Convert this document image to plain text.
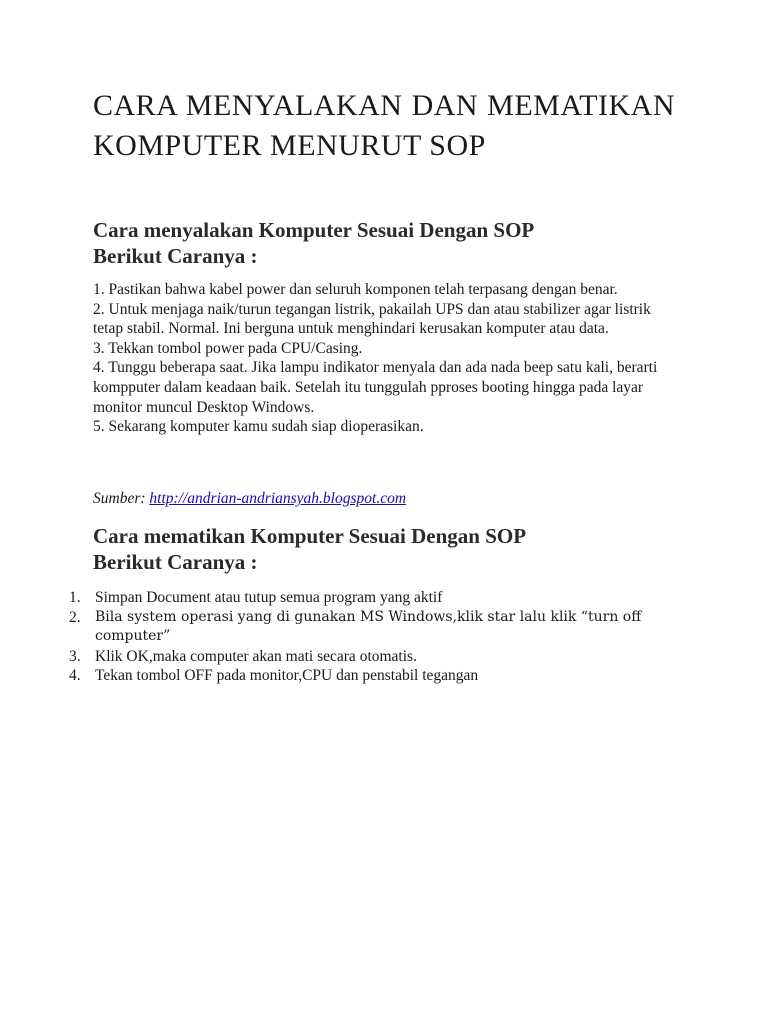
CARA MENYALAKAN DAN MEMATIKAN KOMPUTER MENURUT SOP
Cara menyalakan Komputer Sesuai Dengan SOP
Berikut Caranya :
1. Pastikan bahwa kabel power dan seluruh komponen telah terpasang dengan benar.
2. Untuk menjaga naik/turun tegangan listrik, pakailah UPS dan atau stabilizer agar listrik tetap stabil. Normal. Ini berguna untuk menghindari kerusakan komputer atau data.
3. Tekkan tombol power pada CPU/Casing.
4. Tunggu beberapa saat. Jika lampu indikator menyala dan ada nada beep satu kali, berarti kompputer dalam keadaan baik. Setelah itu tunggulah pproses booting hingga pada layar monitor muncul Desktop Windows.
5. Sekarang komputer kamu sudah siap dioperasikan.
Sumber: http://andrian-andriansyah.blogspot.com
Cara mematikan Komputer Sesuai Dengan SOP
Berikut Caranya :
1. Simpan Document atau tutup semua program yang aktif
2. Bila system operasi yang di gunakan MS Windows,klik star lalu klik “turn off computer”
3. Klik OK,maka computer akan mati secara otomatis.
4. Tekan tombol OFF pada monitor,CPU dan penstabil tegangan
